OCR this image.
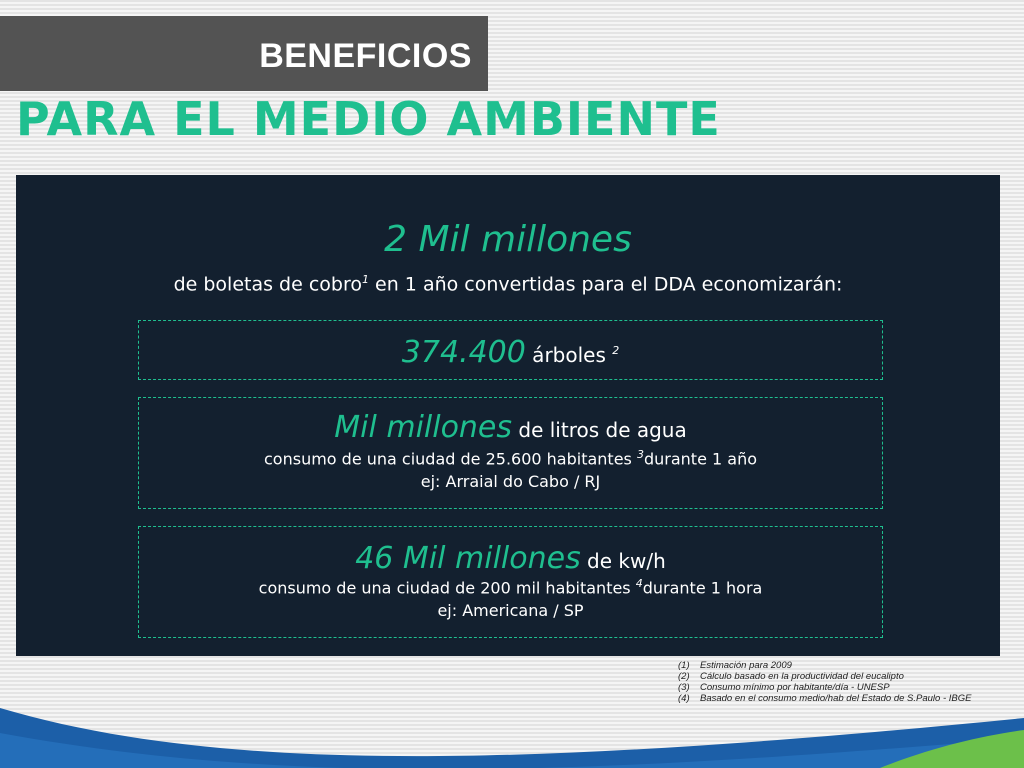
BENEFICIOS
PARA EL MEDIO AMBIENTE
2 Mil millones
de boletas de cobro$^1$ en 1 año convertidas para el DDA economizarán:
374.400 árboles $^2$
Mil millones de litros de agua
consumo de una ciudad de 25.600 habitantes $^3$durante 1 año
ej: Arraial do Cabo / RJ
46 Mil millones de kw/h
consumo de una ciudad de 200 mil habitantes $^4$durante 1 hora
ej: Americana / SP
(1) Estimación para 2009
(2) Cálculo basado en la productividad del eucalipto
(3) Consumo mínimo por habitante/día - UNESP
(4) Basado en el consumo medio/hab del Estado de S.Paulo - IBGE
